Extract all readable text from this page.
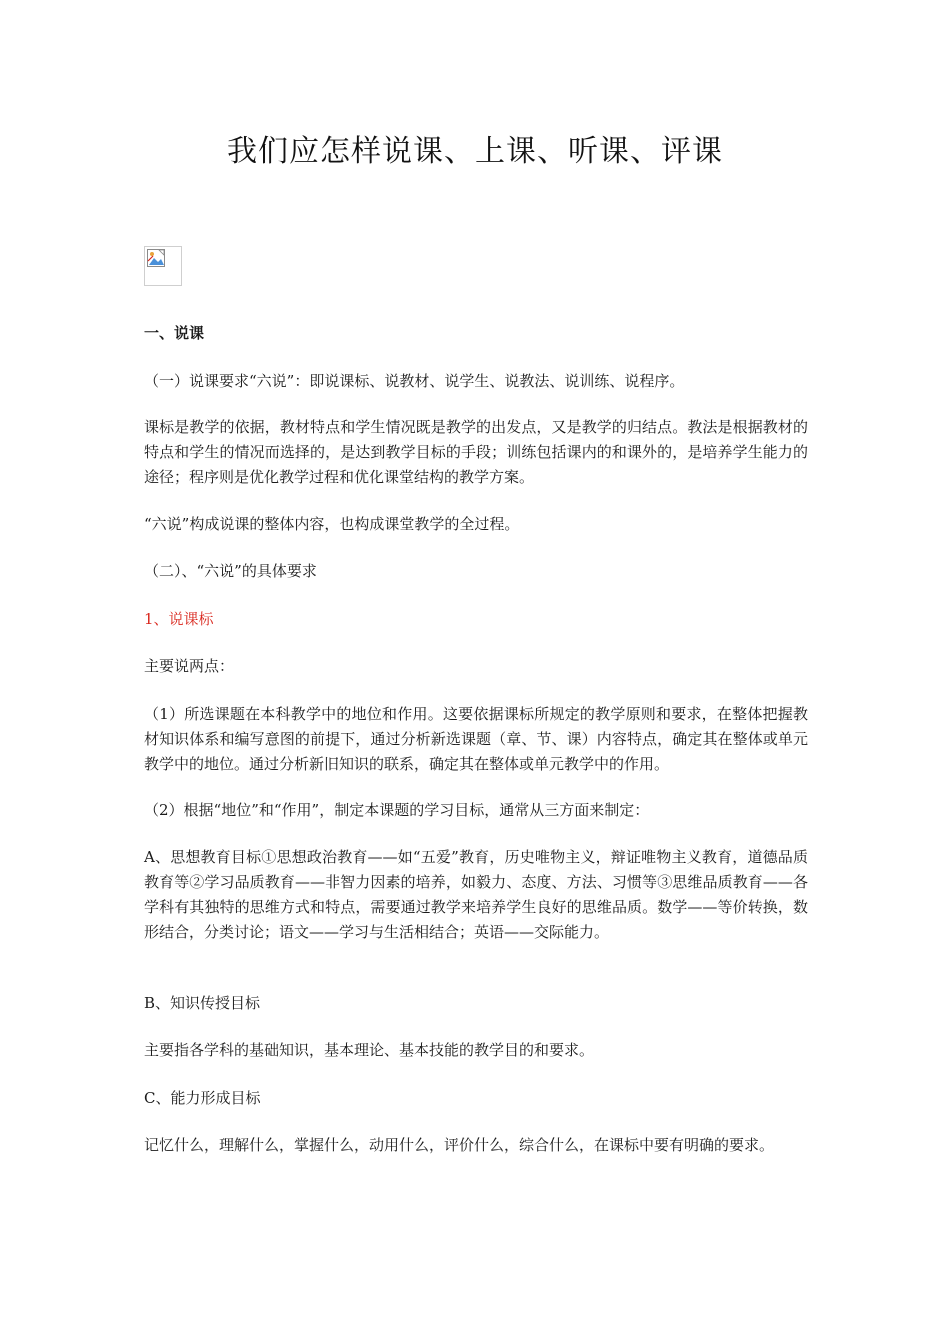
我们应怎样说课、上课、听课、评课
一、说课
（一）说课要求“六说”：即说课标、说教材、说学生、说教法、说训练、说程序。
课标是教学的依据，教材特点和学生情况既是教学的出发点，又是教学的归结点。教法是根据教材的特点和学生的情况而选择的，是达到教学目标的手段；训练包括课内的和课外的，是培养学生能力的途径；程序则是优化教学过程和优化课堂结构的教学方案。
“六说”构成说课的整体内容，也构成课堂教学的全过程。
（二）、“六说”的具体要求
1、说课标
主要说两点：
（1）所选课题在本科教学中的地位和作用。这要依据课标所规定的教学原则和要求，在整体把握教材知识体系和编写意图的前提下，通过分析新选课题（章、节、课）内容特点，确定其在整体或单元教学中的地位。通过分析新旧知识的联系，确定其在整体或单元教学中的作用。
（2）根据“地位”和“作用”，制定本课题的学习目标，通常从三方面来制定：
A、思想教育目标①思想政治教育——如“五爱”教育，历史唯物主义，辩证唯物主义教育，道德品质教育等②学习品质教育——非智力因素的培养，如毅力、态度、方法、习惯等③思维品质教育——各学科有其独特的思维方式和特点，需要通过教学来培养学生良好的思维品质。数学——等价转换，数形结合，分类讨论；语文——学习与生活相结合；英语——交际能力。
B、知识传授目标
主要指各学科的基础知识，基本理论、基本技能的教学目的和要求。
C、能力形成目标
记忆什么，理解什么，掌握什么，动用什么，评价什么，综合什么，在课标中要有明确的要求。
